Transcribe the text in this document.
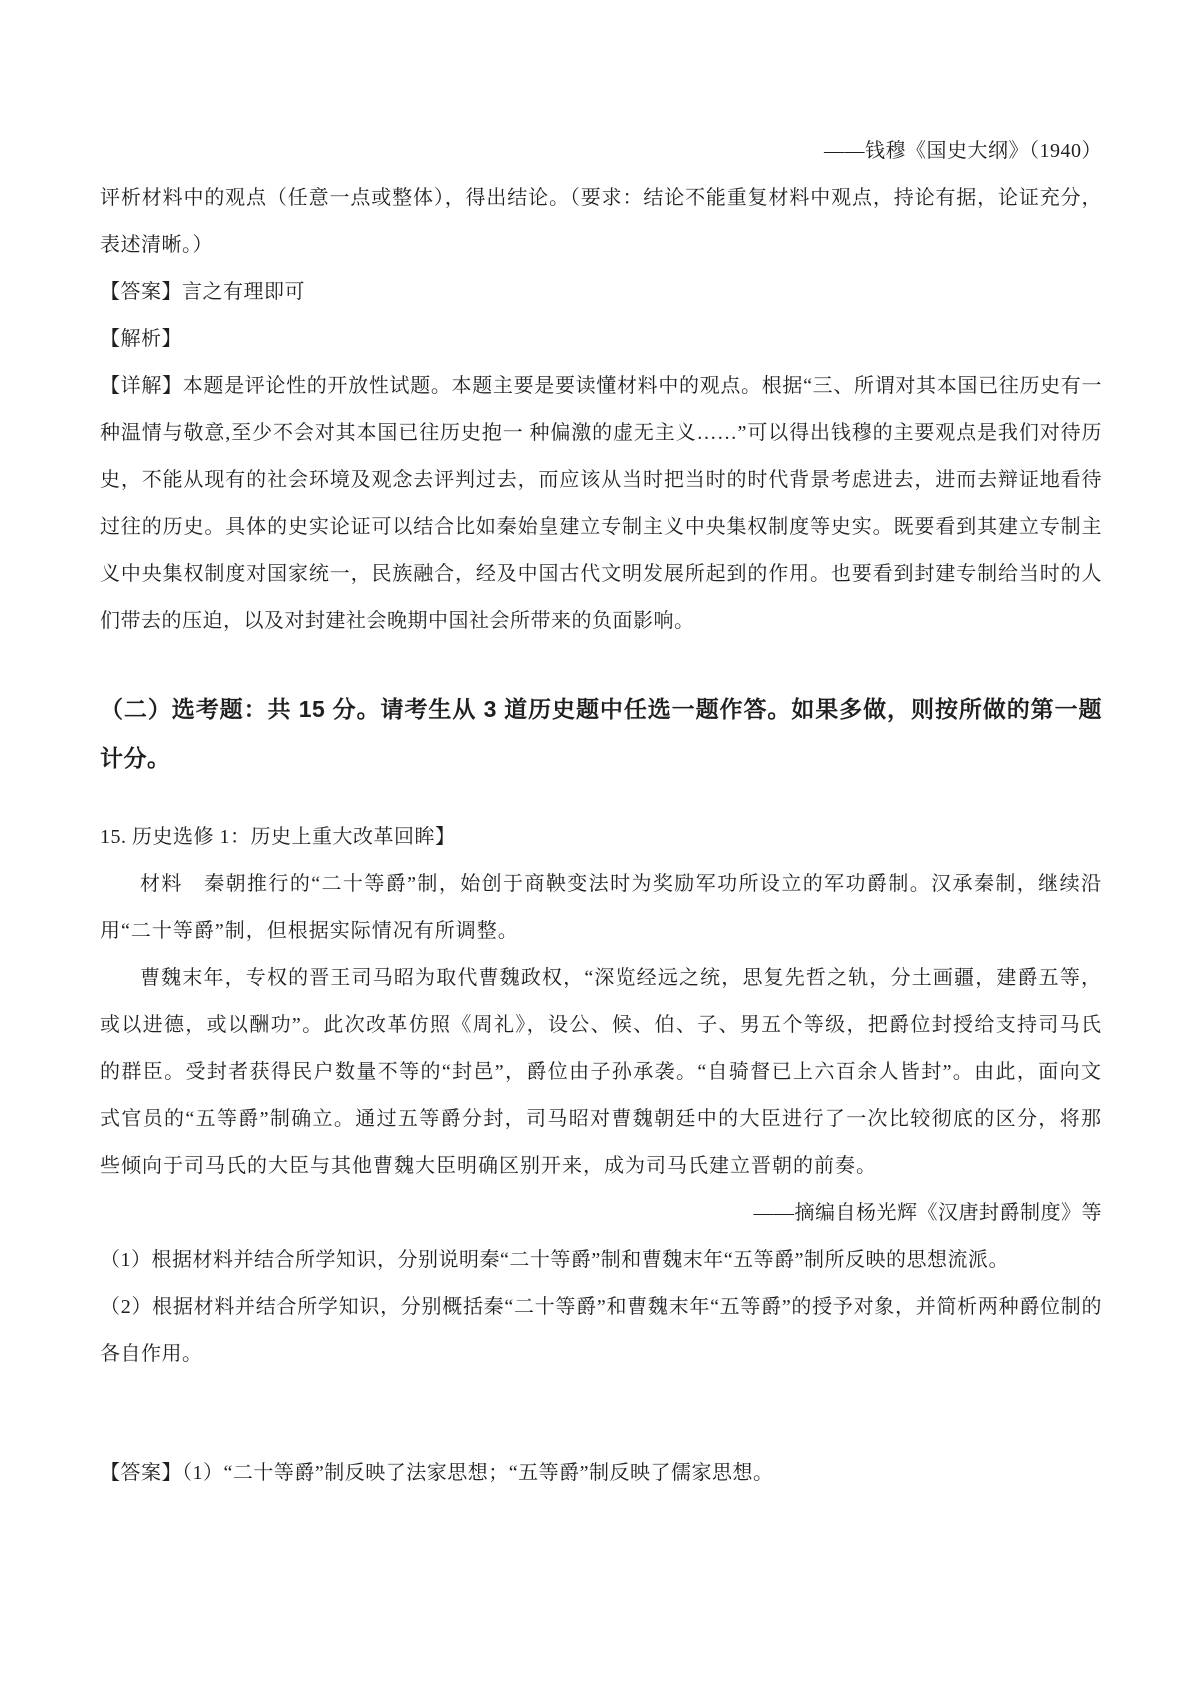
——钱穆《国史大纲》（1940）
评析材料中的观点（任意一点或整体），得出结论。（要求：结论不能重复材料中观点，持论有据，论证充分，表述清晰。）
【答案】言之有理即可
【解析】
【详解】本题是评论性的开放性试题。本题主要是要读懂材料中的观点。根据“三、所谓对其本国已往历史有一种温情与敬意,至少不会对其本国已往历史抱一 种偏激的虚无主义……”可以得出钱穆的主要观点是我们对待历史，不能从现有的社会环境及观念去评判过去，而应该从当时把当时的时代背景考虑进去，进而去辩证地看待过往的历史。具体的史实论证可以结合比如秦始皇建立专制主义中央集权制度等史实。既要看到其建立专制主义中央集权制度对国家统一，民族融合，经及中国古代文明发展所起到的作用。也要看到封建专制给当时的人们带去的压迫，以及对封建社会晚期中国社会所带来的负面影响。
（二）选考题：共 15 分。请考生从 3 道历史题中任选一题作答。如果多做，则按所做的第一题计分。
15. 历史选修 1：历史上重大改革回眸】
材料　秦朝推行的“二十等爵”制，始创于商鞅变法时为奖励军功所设立的军功爵制。汉承秦制，继续沿用“二十等爵”制，但根据实际情况有所调整。
曹魏末年，专权的晋王司马昭为取代曹魏政权，“深览经远之统，思复先哲之轨，分土画疆，建爵五等，或以进德，或以酬功”。此次改革仿照《周礼》，设公、候、伯、子、男五个等级，把爵位封授给支持司马氏的群臣。受封者获得民户数量不等的“封邑”，爵位由子孙承袭。“自骑督已上六百余人皆封”。由此，面向文式官员的“五等爵”制确立。通过五等爵分封，司马昭对曹魏朝廷中的大臣进行了一次比较彻底的区分，将那些倾向于司马氏的大臣与其他曹魏大臣明确区别开来，成为司马氏建立晋朝的前奏。
——摘编自杨光辉《汉唐封爵制度》等
（1）根据材料并结合所学知识，分别说明秦“二十等爵”制和曹魏末年“五等爵”制所反映的思想流派。
（2）根据材料并结合所学知识，分别概括秦“二十等爵”和曹魏末年“五等爵”的授予对象，并简析两种爵位制的各自作用。
【答案】（1）“二十等爵”制反映了法家思想；“五等爵”制反映了儒家思想。
